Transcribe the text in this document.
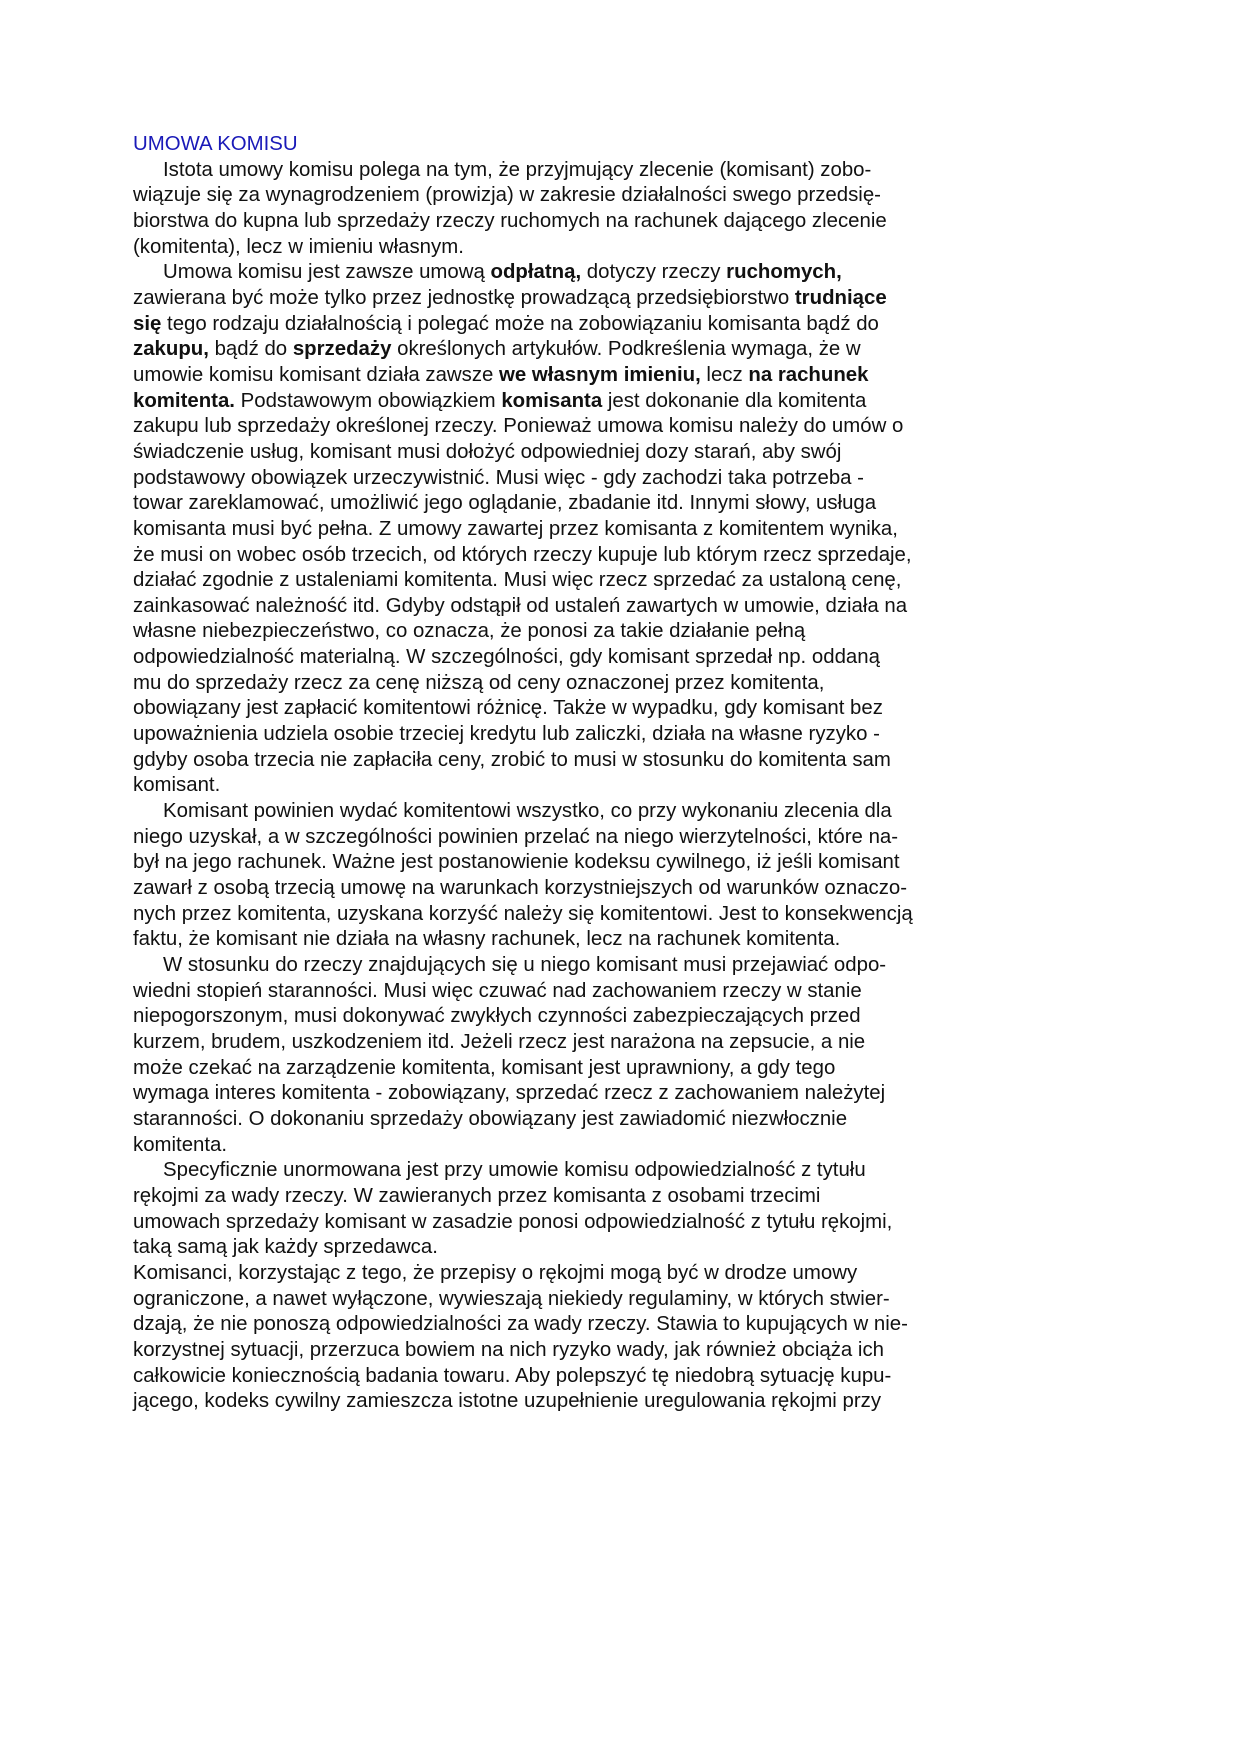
UMOWA KOMISU
Istota umowy komisu polega na tym, że przyjmujący zlecenie (komisant) zobo-
wiązuje się za wynagrodzeniem (prowizja) w zakresie działalności swego przedsię-
biorstwa do kupna lub sprzedaży rzeczy ruchomych na rachunek dającego zlecenie
(komitenta), lecz w imieniu własnym.
Umowa komisu jest zawsze umową odpłatną, dotyczy rzeczy ruchomych,
zawierana być może tylko przez jednostkę prowadzącą przedsiębiorstwo trudniące
się tego rodzaju działalnością i polegać może na zobowiązaniu komisanta bądź do
zakupu, bądź do sprzedaży określonych artykułów. Podkreślenia wymaga, że w
umowie komisu komisant działa zawsze we własnym imieniu, lecz na rachunek
komitenta. Podstawowym obowiązkiem komisanta jest dokonanie dla komitenta
zakupu lub sprzedaży określonej rzeczy. Ponieważ umowa komisu należy do umów o
świadczenie usług, komisant musi dołożyć odpowiedniej dozy starań, aby swój
podstawowy obowiązek urzeczywistnić. Musi więc - gdy zachodzi taka potrzeba -
towar zareklamować, umożliwić jego oglądanie, zbadanie itd. Innymi słowy, usługa
komisanta musi być pełna. Z umowy zawartej przez komisanta z komitentem wynika,
że musi on wobec osób trzecich, od których rzeczy kupuje lub którym rzecz sprzedaje,
działać zgodnie z ustaleniami komitenta. Musi więc rzecz sprzedać za ustaloną cenę,
zainkasować należność itd. Gdyby odstąpił od ustaleń zawartych w umowie, działa na
własne niebezpieczeństwo, co oznacza, że ponosi za takie działanie pełną
odpowiedzialność materialną. W szczególności, gdy komisant sprzedał np. oddaną
mu do sprzedaży rzecz za cenę niższą od ceny oznaczonej przez komitenta,
obowiązany jest zapłacić komitentowi różnicę. Także w wypadku, gdy komisant bez
upoważnienia udziela osobie trzeciej kredytu lub zaliczki, działa na własne ryzyko -
gdyby osoba trzecia nie zapłaciła ceny, zrobić to musi w stosunku do komitenta sam
komisant.
Komisant powinien wydać komitentowi wszystko, co przy wykonaniu zlecenia dla
niego uzyskał, a w szczególności powinien przelać na niego wierzytelności, które na-
był na jego rachunek. Ważne jest postanowienie kodeksu cywilnego, iż jeśli komisant
zawarł z osobą trzecią umowę na warunkach korzystniejszych od warunków oznaczo-
nych przez komitenta, uzyskana korzyść należy się komitentowi. Jest to konsekwencją
faktu, że komisant nie działa na własny rachunek, lecz na rachunek komitenta.
W stosunku do rzeczy znajdujących się u niego komisant musi przejawiać odpo-
wiedni stopień staranności. Musi więc czuwać nad zachowaniem rzeczy w stanie
niepogorszonym, musi dokonywać zwykłych czynności zabezpieczających przed
kurzem, brudem, uszkodzeniem itd. Jeżeli rzecz jest narażona na zepsucie, a nie
może czekać na zarządzenie komitenta, komisant jest uprawniony, a gdy tego
wymaga interes komitenta - zobowiązany, sprzedać rzecz z zachowaniem należytej
staranności. O dokonaniu sprzedaży obowiązany jest zawiadomić niezwłocznie
komitenta.
Specyficznie unormowana jest przy umowie komisu odpowiedzialność z tytułu
rękojmi za wady rzeczy. W zawieranych przez komisanta z osobami trzecimi
umowach sprzedaży komisant w zasadzie ponosi odpowiedzialność z tytułu rękojmi,
taką samą jak każdy sprzedawca.
Komisanci, korzystając z tego, że przepisy o rękojmi mogą być w drodze umowy
ograniczone, a nawet wyłączone, wywieszają niekiedy regulaminy, w których stwier-
dzają, że nie ponoszą odpowiedzialności za wady rzeczy. Stawia to kupujących w nie-
korzystnej sytuacji, przerzuca bowiem na nich ryzyko wady, jak również obciąża ich
całkowicie koniecznością badania towaru. Aby polepszyć tę niedobrą sytuację kupu-
jącego, kodeks cywilny zamieszcza istotne uzupełnienie uregulowania rękojmi przy
